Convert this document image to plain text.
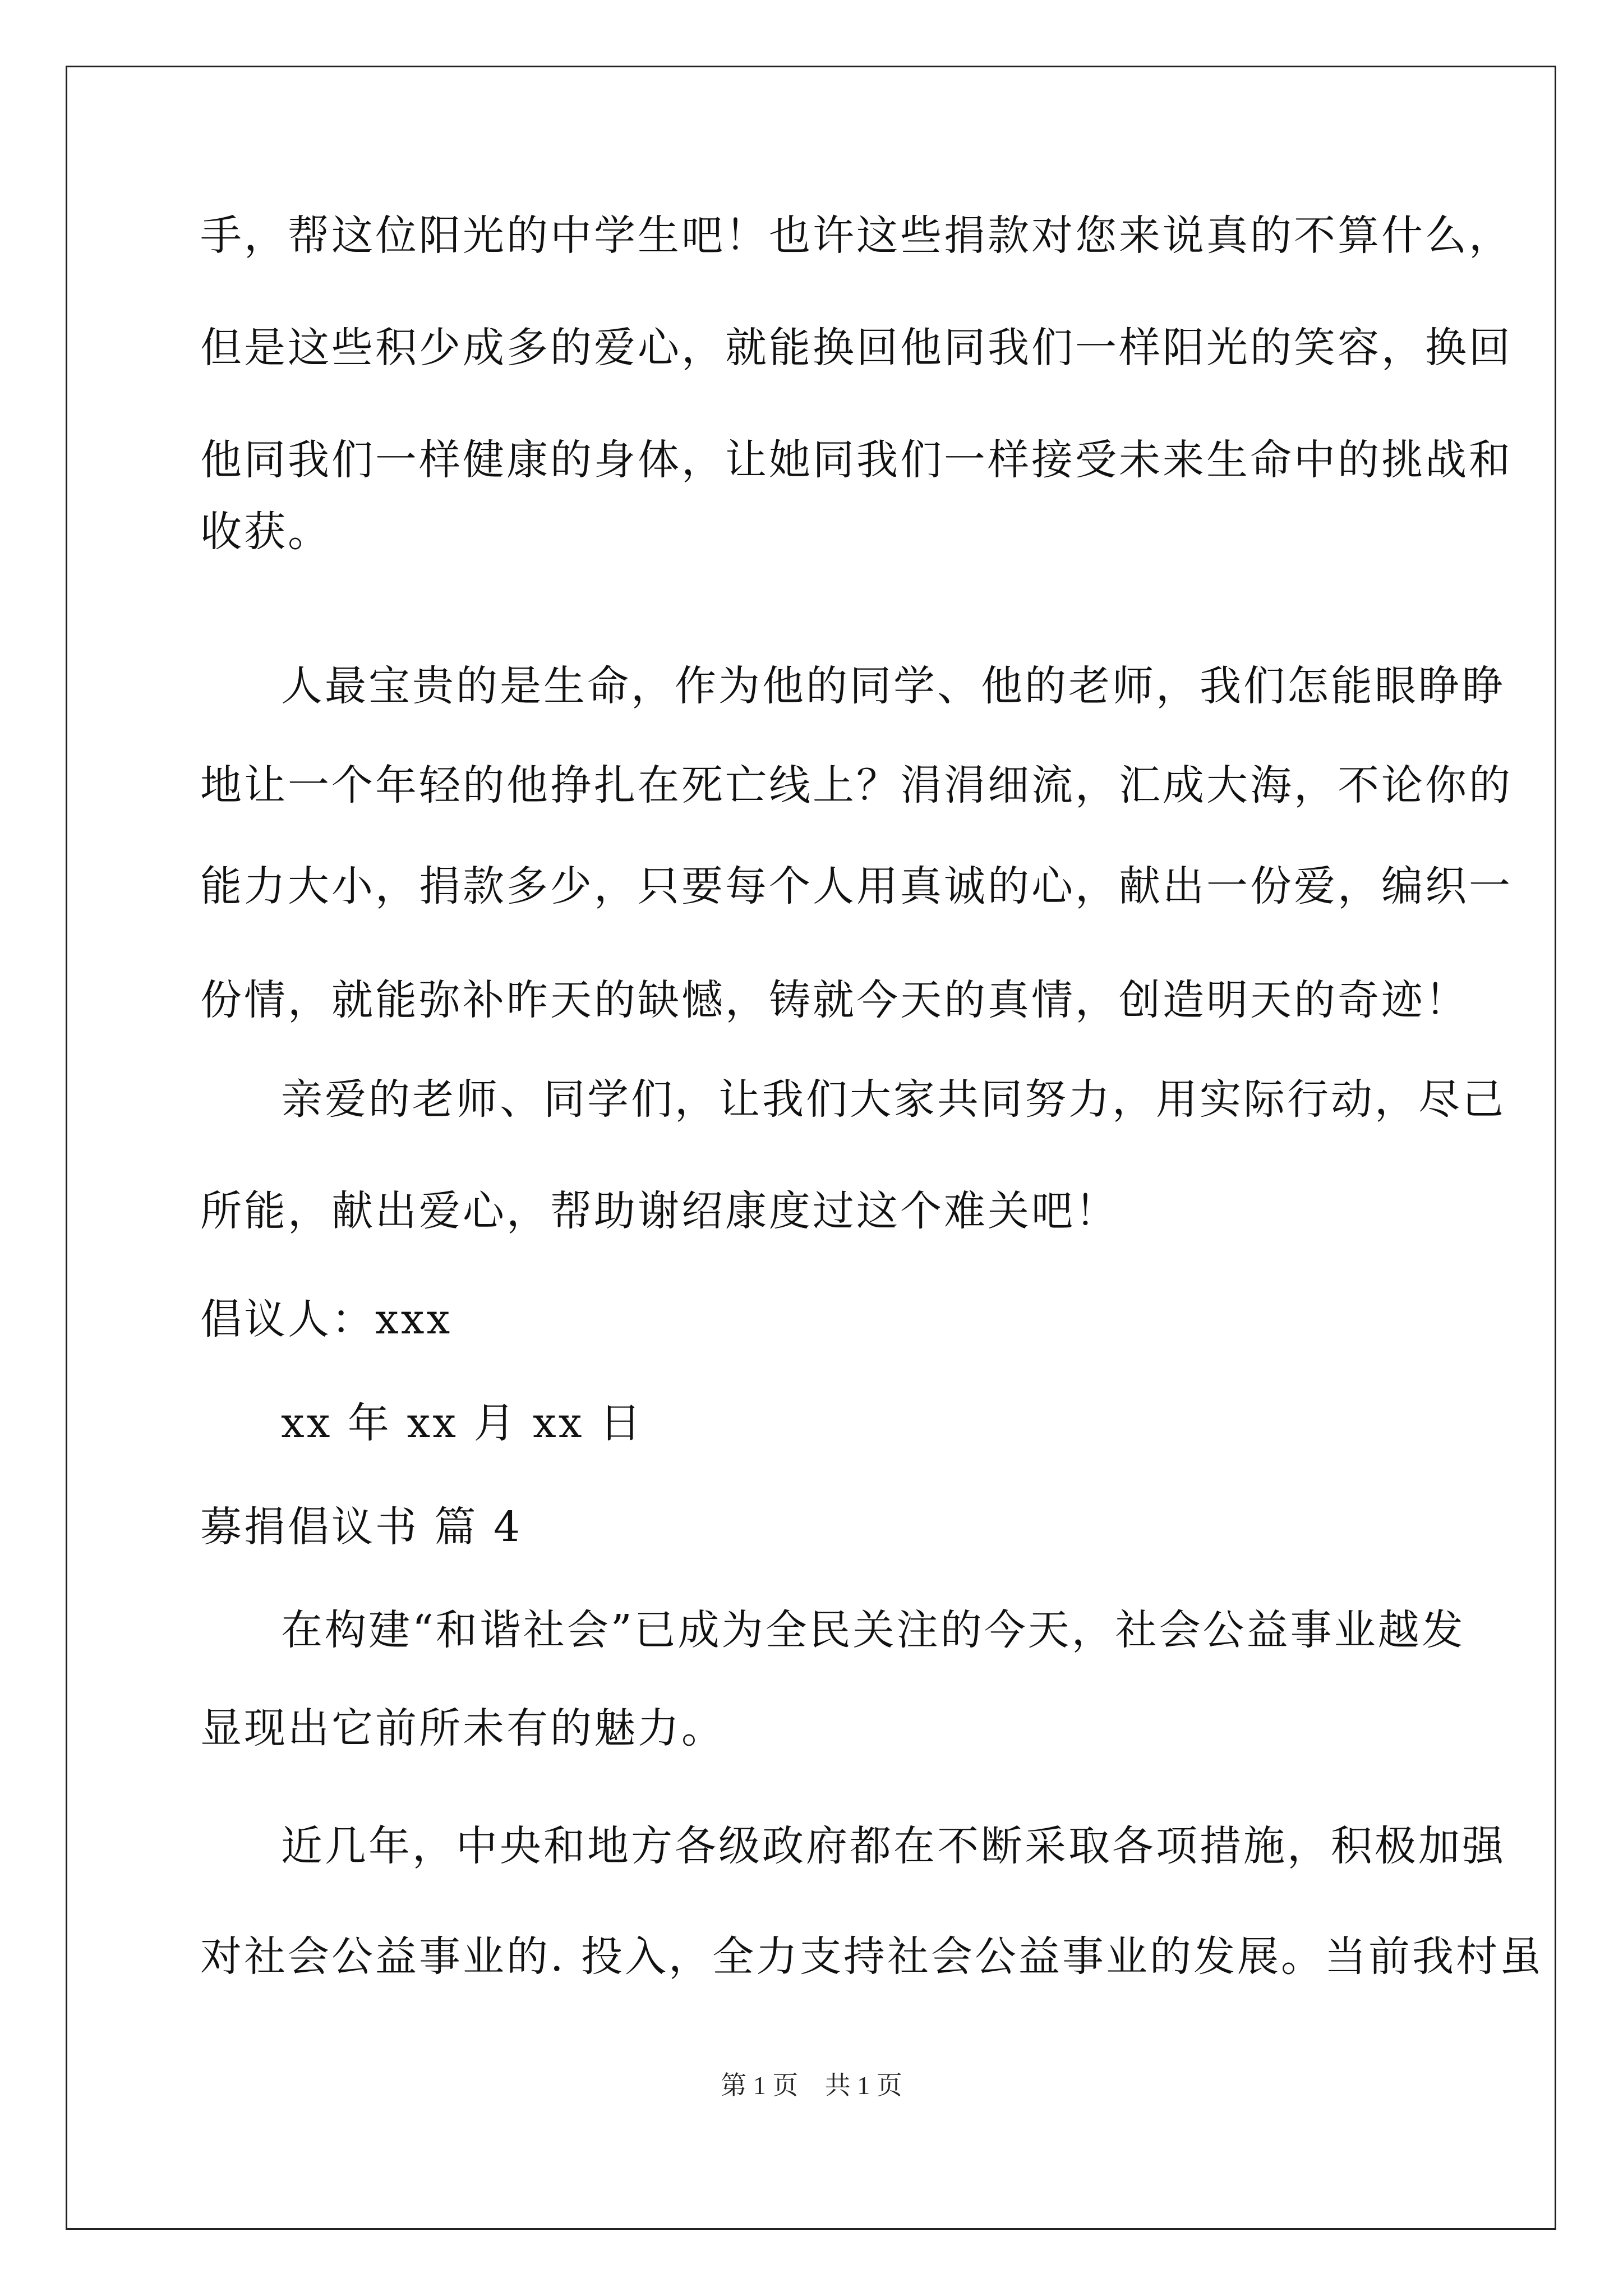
手，帮这位阳光的中学生吧！也许这些捐款对您来说真的不算什么，
但是这些积少成多的爱心，就能换回他同我们一样阳光的笑容，换回
他同我们一样健康的身体，让她同我们一样接受未来生命中的挑战和
收获。
人最宝贵的是生命，作为他的同学、他的老师，我们怎能眼睁睁
地让一个年轻的他挣扎在死亡线上？涓涓细流，汇成大海，不论你的
能力大小，捐款多少，只要每个人用真诚的心，献出一份爱，编织一
份情，就能弥补昨天的缺憾，铸就今天的真情，创造明天的奇迹！
亲爱的老师、同学们，让我们大家共同努力，用实际行动，尽己
所能，献出爱心，帮助谢绍康度过这个难关吧！
倡议人：xxx
xx 年 xx 月 xx 日
募捐倡议书 篇 4
在构建“和谐社会”已成为全民关注的今天，社会公益事业越发
显现出它前所未有的魅力。
近几年，中央和地方各级政府都在不断采取各项措施，积极加强
对社会公益事业的. 投入，全力支持社会公益事业的发展。当前我村虽
第 1 页 共 1 页
